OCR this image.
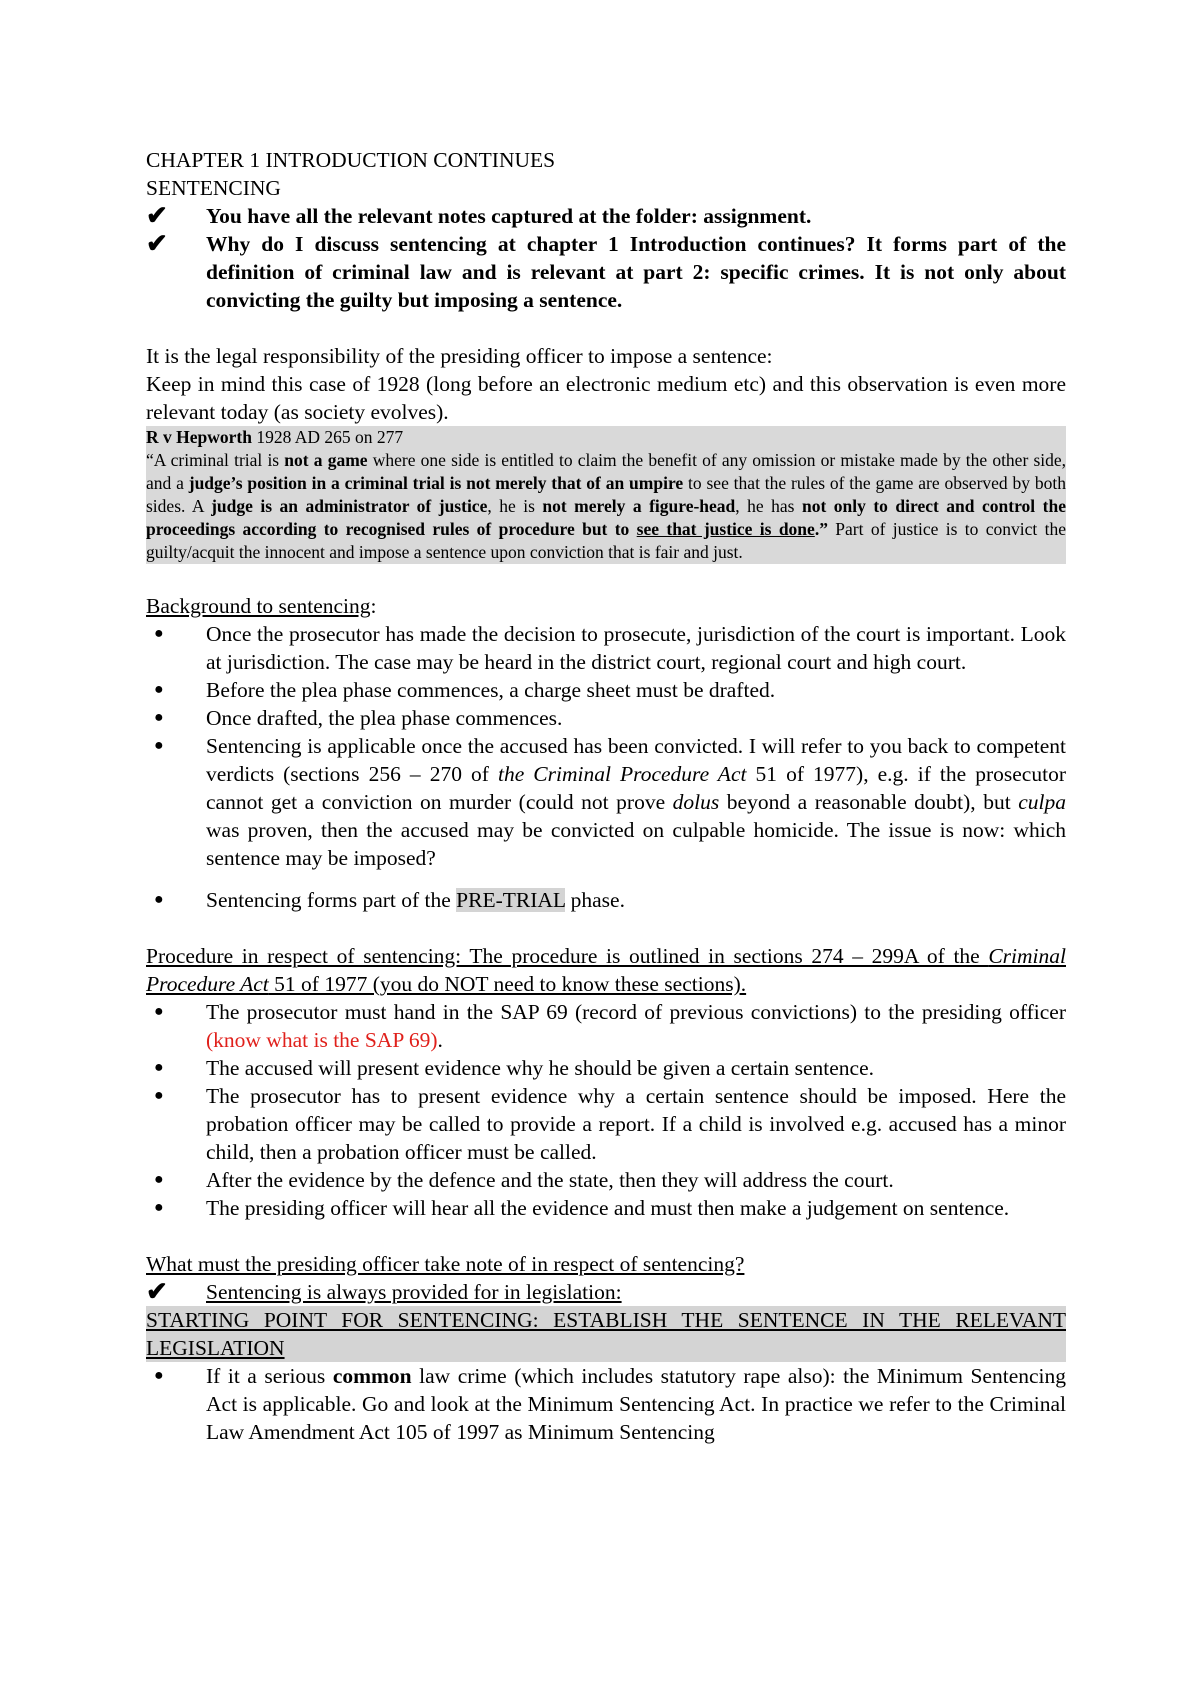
CHAPTER 1 INTRODUCTION CONTINUES
SENTENCING
✔ You have all the relevant notes captured at the folder: assignment.
✔ Why do I discuss sentencing at chapter 1 Introduction continues? It forms part of the definition of criminal law and is relevant at part 2: specific crimes. It is not only about convicting the guilty but imposing a sentence.
It is the legal responsibility of the presiding officer to impose a sentence:
Keep in mind this case of 1928 (long before an electronic medium etc) and this observation is even more relevant today (as society evolves).
R v Hepworth 1928 AD 265 on 277
“A criminal trial is not a game where one side is entitled to claim the benefit of any omission or mistake made by the other side, and a judge’s position in a criminal trial is not merely that of an umpire to see that the rules of the game are observed by both sides. A judge is an administrator of justice, he is not merely a figure-head, he has not only to direct and control the proceedings according to recognised rules of procedure but to see that justice is done.” Part of justice is to convict the guilty/acquit the innocent and impose a sentence upon conviction that is fair and just.
Background to sentencing:
● Once the prosecutor has made the decision to prosecute, jurisdiction of the court is important. Look at jurisdiction. The case may be heard in the district court, regional court and high court.
● Before the plea phase commences, a charge sheet must be drafted.
● Once drafted, the plea phase commences.
● Sentencing is applicable once the accused has been convicted. I will refer to you back to competent verdicts (sections 256 – 270 of the Criminal Procedure Act 51 of 1977), e.g. if the prosecutor cannot get a conviction on murder (could not prove dolus beyond a reasonable doubt), but culpa was proven, then the accused may be convicted on culpable homicide. The issue is now: which sentence may be imposed?
● Sentencing forms part of the PRE-TRIAL phase.
Procedure in respect of sentencing: The procedure is outlined in sections 274 – 299A of the Criminal Procedure Act 51 of 1977 (you do NOT need to know these sections).
● The prosecutor must hand in the SAP 69 (record of previous convictions) to the presiding officer (know what is the SAP 69).
● The accused will present evidence why he should be given a certain sentence.
● The prosecutor has to present evidence why a certain sentence should be imposed. Here the probation officer may be called to provide a report. If a child is involved e.g. accused has a minor child, then a probation officer must be called.
● After the evidence by the defence and the state, then they will address the court.
● The presiding officer will hear all the evidence and must then make a judgement on sentence.
What must the presiding officer take note of in respect of sentencing?
✔ Sentencing is always provided for in legislation:
STARTING POINT FOR SENTENCING: ESTABLISH THE SENTENCE IN THE RELEVANT LEGISLATION
● If it a serious common law crime (which includes statutory rape also): the Minimum Sentencing Act is applicable. Go and look at the Minimum Sentencing Act. In practice we refer to the Criminal Law Amendment Act 105 of 1997 as Minimum Sentencing
